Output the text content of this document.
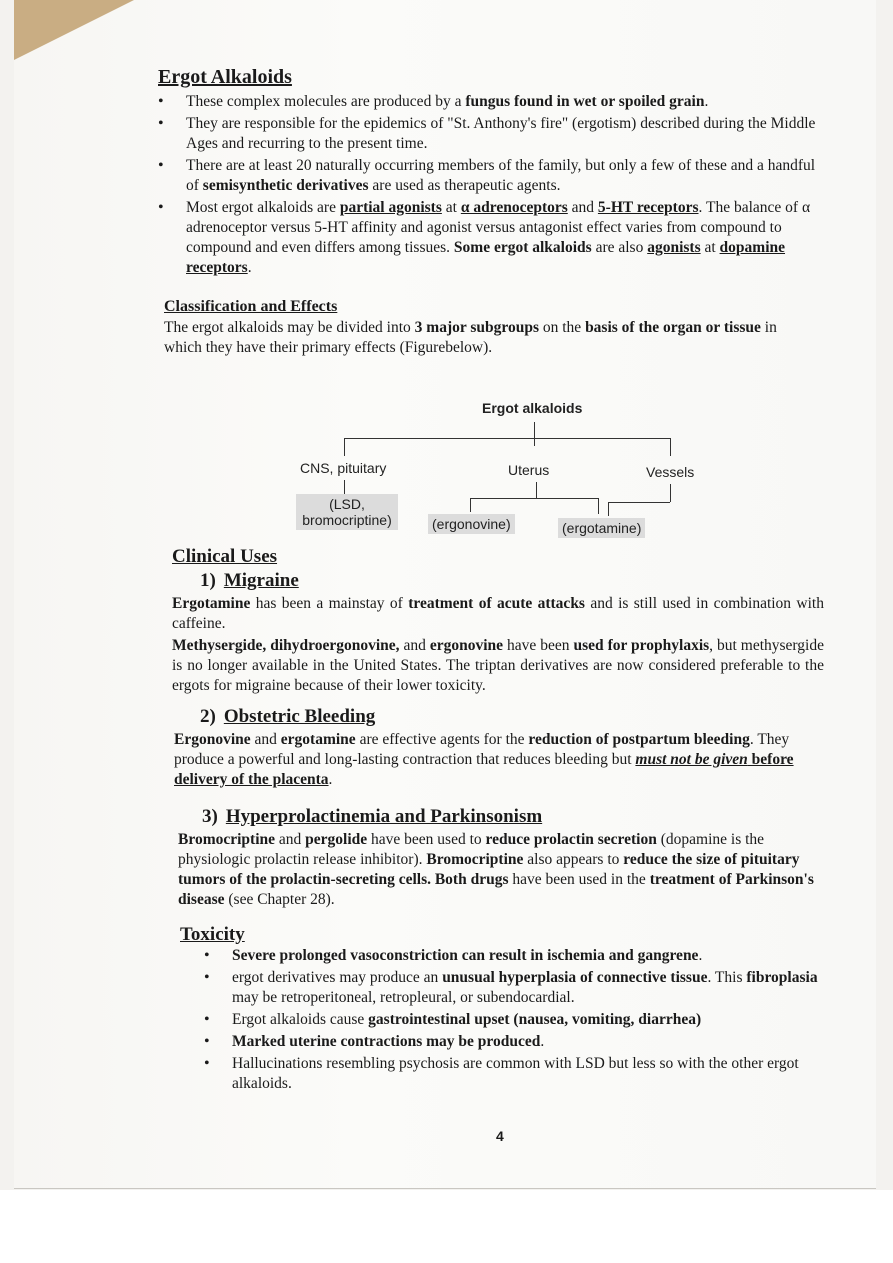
Ergot Alkaloids
• These complex molecules are produced by a fungus found in wet or spoiled grain.
• They are responsible for the epidemics of "St. Anthony's fire" (ergotism) described during the Middle Ages and recurring to the present time.
• There are at least 20 naturally occurring members of the family, but only a few of these and a handful of semisynthetic derivatives are used as therapeutic agents.
• Most ergot alkaloids are partial agonists at α adrenoceptors and 5-HT receptors. The balance of α adrenoceptor versus 5-HT affinity and agonist versus antagonist effect varies from compound to compound and even differs among tissues. Some ergot alkaloids are also agonists at dopamine receptors.
Classification and Effects

The ergot alkaloids may be divided into 3 major subgroups on the basis of the organ or tissue in which they have their primary effects (Figurebelow).

Ergot alkaloids
CNS, pituitary	Uterus	Vessels
(LSD,
bromocriptine)	(ergonovine)	(ergotamine)
Clinical Uses
1) Migraine

Ergotamine has been a mainstay of treatment of acute attacks and is still used in combination with caffeine.

Methysergide, dihydroergonovine, and ergonovine have been used for prophylaxis, but methysergide is no longer available in the United States. The triptan derivatives are now considered preferable to the ergots for migraine because of their lower toxicity.

2) Obstetric Bleeding

Ergonovine and ergotamine are effective agents for the reduction of postpartum bleeding. They produce a powerful and long-lasting contraction that reduces bleeding but must not be given before delivery of the placenta.

3) Hyperprolactinemia and Parkinsonism

Bromocriptine and pergolide have been used to reduce prolactin secretion (dopamine is the physiologic prolactin release inhibitor). Bromocriptine also appears to reduce the size of pituitary tumors of the prolactin-secreting cells. Both drugs have been used in the treatment of Parkinson's disease (see Chapter 28).

Toxicity
• Severe prolonged vasoconstriction can result in ischemia and gangrene.
• ergot derivatives may produce an unusual hyperplasia of connective tissue. This fibroplasia may be retroperitoneal, retropleural, or subendocardial.
• Ergot alkaloids cause gastrointestinal upset (nausea, vomiting, diarrhea)
• Marked uterine contractions may be produced.
• Hallucinations resembling psychosis are common with LSD but less so with the other ergot alkaloids.
4
